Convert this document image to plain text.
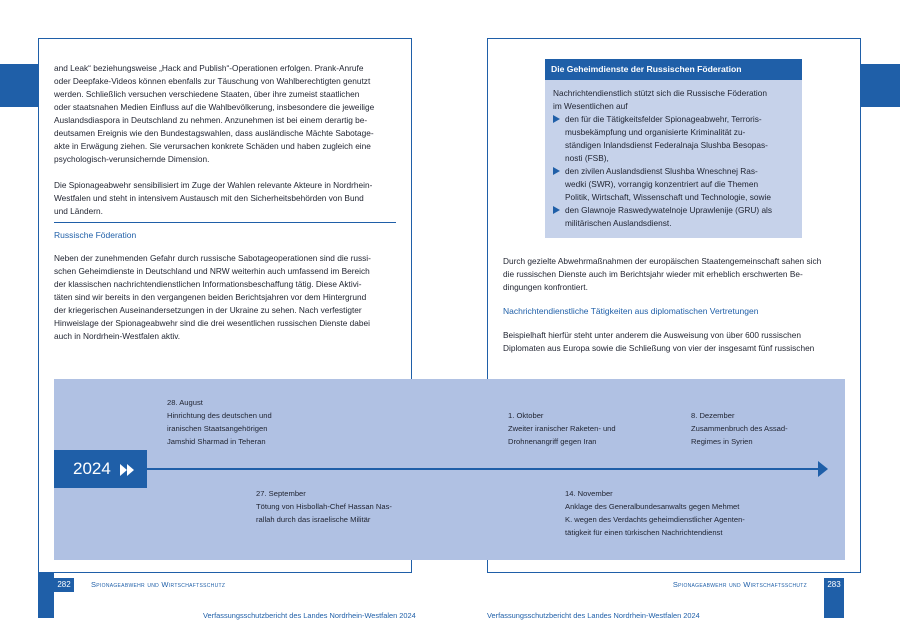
and Leak“ beziehungsweise „Hack and Publish“-Operationen erfolgen. Prank-Anrufe

oder Deepfake-Videos können ebenfalls zur Täuschung von Wahlberechtigten genutzt

werden. Schließlich versuchen verschiedene Staaten, über ihre zumeist staatlichen

oder staatsnahen Medien Einfluss auf die Wahlbevölkerung, insbesondere die jeweilige

Auslandsdiaspora in Deutschland zu nehmen. Anzunehmen ist bei einem derartig be-

deutsamen Ereignis wie den Bundestagswahlen, dass ausländische Mächte Sabotage-

akte in Erwägung ziehen. Sie verursachen konkrete Schäden und haben zugleich eine

psychologisch-verunsichernde Dimension.

Die Spionageabwehr sensibilisiert im Zuge der Wahlen relevante Akteure in Nordrhein-

Westfalen und steht in intensivem Austausch mit den Sicherheitsbehörden von Bund

und Ländern.

Russische Föderation

Neben der zunehmenden Gefahr durch russische Sabotageoperationen sind die russi-

schen Geheimdienste in Deutschland und NRW weiterhin auch umfassend im Bereich

der klassischen nachrichtendienstlichen Informationsbeschaffung tätig. Diese Aktivi-

täten sind wir bereits in den vergangenen beiden Berichtsjahren vor dem Hintergrund

der kriegerischen Auseinandersetzungen in der Ukraine zu sehen. Nach verfestigter

Hinweislage der Spionageabwehr sind die drei wesentlichen russischen Dienste dabei

auch in Nordrhein-Westfalen aktiv.

Die Geheimdienste der Russischen Föderation

Nachrichtendienstlich stützt sich die Russische Föderation

im Wesentlichen auf

den für die Tätigkeitsfelder Spionageabwehr, Terroris-
musbekämpfung und organisierte Kriminalität zu-
ständigen Inlandsdienst Federalnaja Slushba Besopas-
nosti (FSB),
den zivilen Auslandsdienst Slushba Wneschnej Ras-
wedki (SWR), vorrangig konzentriert auf die Themen
Politik, Wirtschaft, Wissenschaft und Technologie, sowie
den Glawnoje Raswedywatelnoje Uprawlenije (GRU) als
militärischen Auslandsdienst.

Durch gezielte Abwehrmaßnahmen der europäischen Staatengemeinschaft sahen sich

die russischen Dienste auch im Berichtsjahr wieder mit erheblich erschwerten Be-

dingungen konfrontiert.

Nachrichtendienstliche Tätigkeiten aus diplomatischen Vertretungen

Beispielhaft hierfür steht unter anderem die Ausweisung von über 600 russischen

Diplomaten aus Europa sowie die Schließung von vier der insgesamt fünf russischen

2024
28. August
Hinrichtung des deutschen und
iranischen Staatsangehörigen
Jamshid Sharmad in Teheran
1. Oktober
Zweiter iranischer Raketen- und
Drohnenangriff gegen Iran
8. Dezember
Zusammenbruch des Assad-
Regimes in Syrien
27. September
Tötung von Hisbollah-Chef Hassan Nas-
rallah durch das israelische Militär
14. November
Anklage des Generalbundesanwalts gegen Mehmet
K. wegen des Verdachts geheimdienstlicher Agenten-
tätigkeit für einen türkischen Nachrichtendienst
282	Spionageabwehr und Wirtschaftsschutz	Spionageabwehr und Wirtschaftsschutz	283
Verfassungsschutzbericht des Landes Nordrhein-Westfalen 2024	Verfassungsschutzbericht des Landes Nordrhein-Westfalen 2024
